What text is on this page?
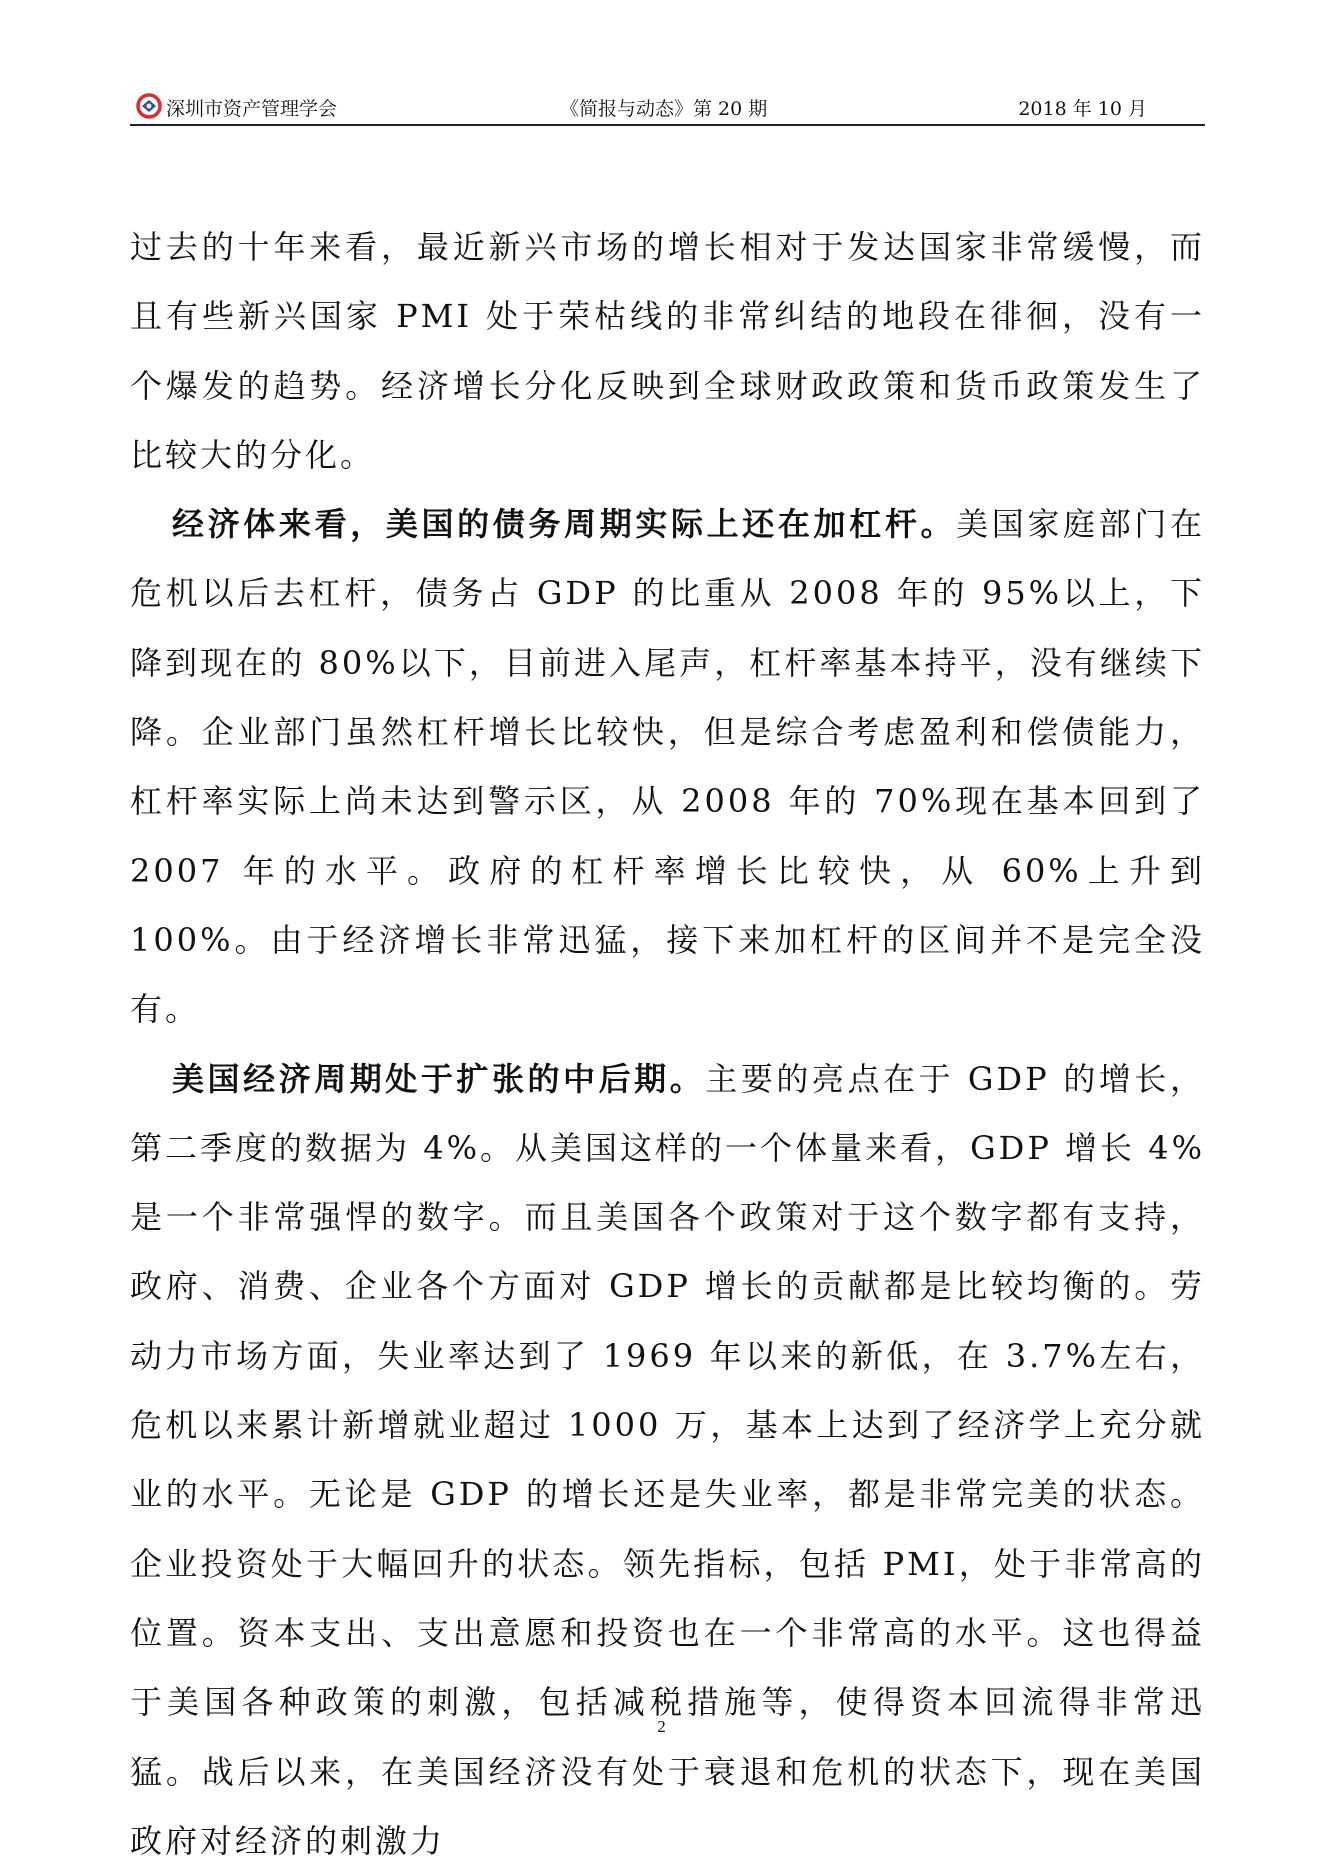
深圳市资产管理学会	《简报与动态》第 20 期	2018 年 10 月

过去的十年来看，最近新兴市场的增长相对于发达国家非常缓慢，而且有些新兴国家 PMI 处于荣枯线的非常纠结的地段在徘徊，没有一个爆发的趋势。经济增长分化反映到全球财政政策和货币政策发生了比较大的分化。

经济体来看，美国的债务周期实际上还在加杠杆。美国家庭部门在危机以后去杠杆，债务占 GDP 的比重从 2008 年的 95%以上，下降到现在的 80%以下，目前进入尾声，杠杆率基本持平，没有继续下降。企业部门虽然杠杆增长比较快，但是综合考虑盈利和偿债能力，杠杆率实际上尚未达到警示区，从 2008 年的 70%现在基本回到了 2007 年的水平。政府的杠杆率增长比较快，从 60%上升到 100%。由于经济增长非常迅猛，接下来加杠杆的区间并不是完全没有。

美国经济周期处于扩张的中后期。主要的亮点在于 GDP 的增长，第二季度的数据为 4%。从美国这样的一个体量来看，GDP 增长 4%是一个非常强悍的数字。而且美国各个政策对于这个数字都有支持，政府、消费、企业各个方面对 GDP 增长的贡献都是比较均衡的。劳动力市场方面，失业率达到了 1969 年以来的新低，在 3.7%左右，危机以来累计新增就业超过 1000 万，基本上达到了经济学上充分就业的水平。无论是 GDP 的增长还是失业率，都是非常完美的状态。企业投资处于大幅回升的状态。领先指标，包括 PMI，处于非常高的位置。资本支出、支出意愿和投资也在一个非常高的水平。这也得益于美国各种政策的刺激，包括减税措施等，使得资本回流得非常迅猛。战后以来，在美国经济没有处于衰退和危机的状态下，现在美国政府对经济的刺激力

2
